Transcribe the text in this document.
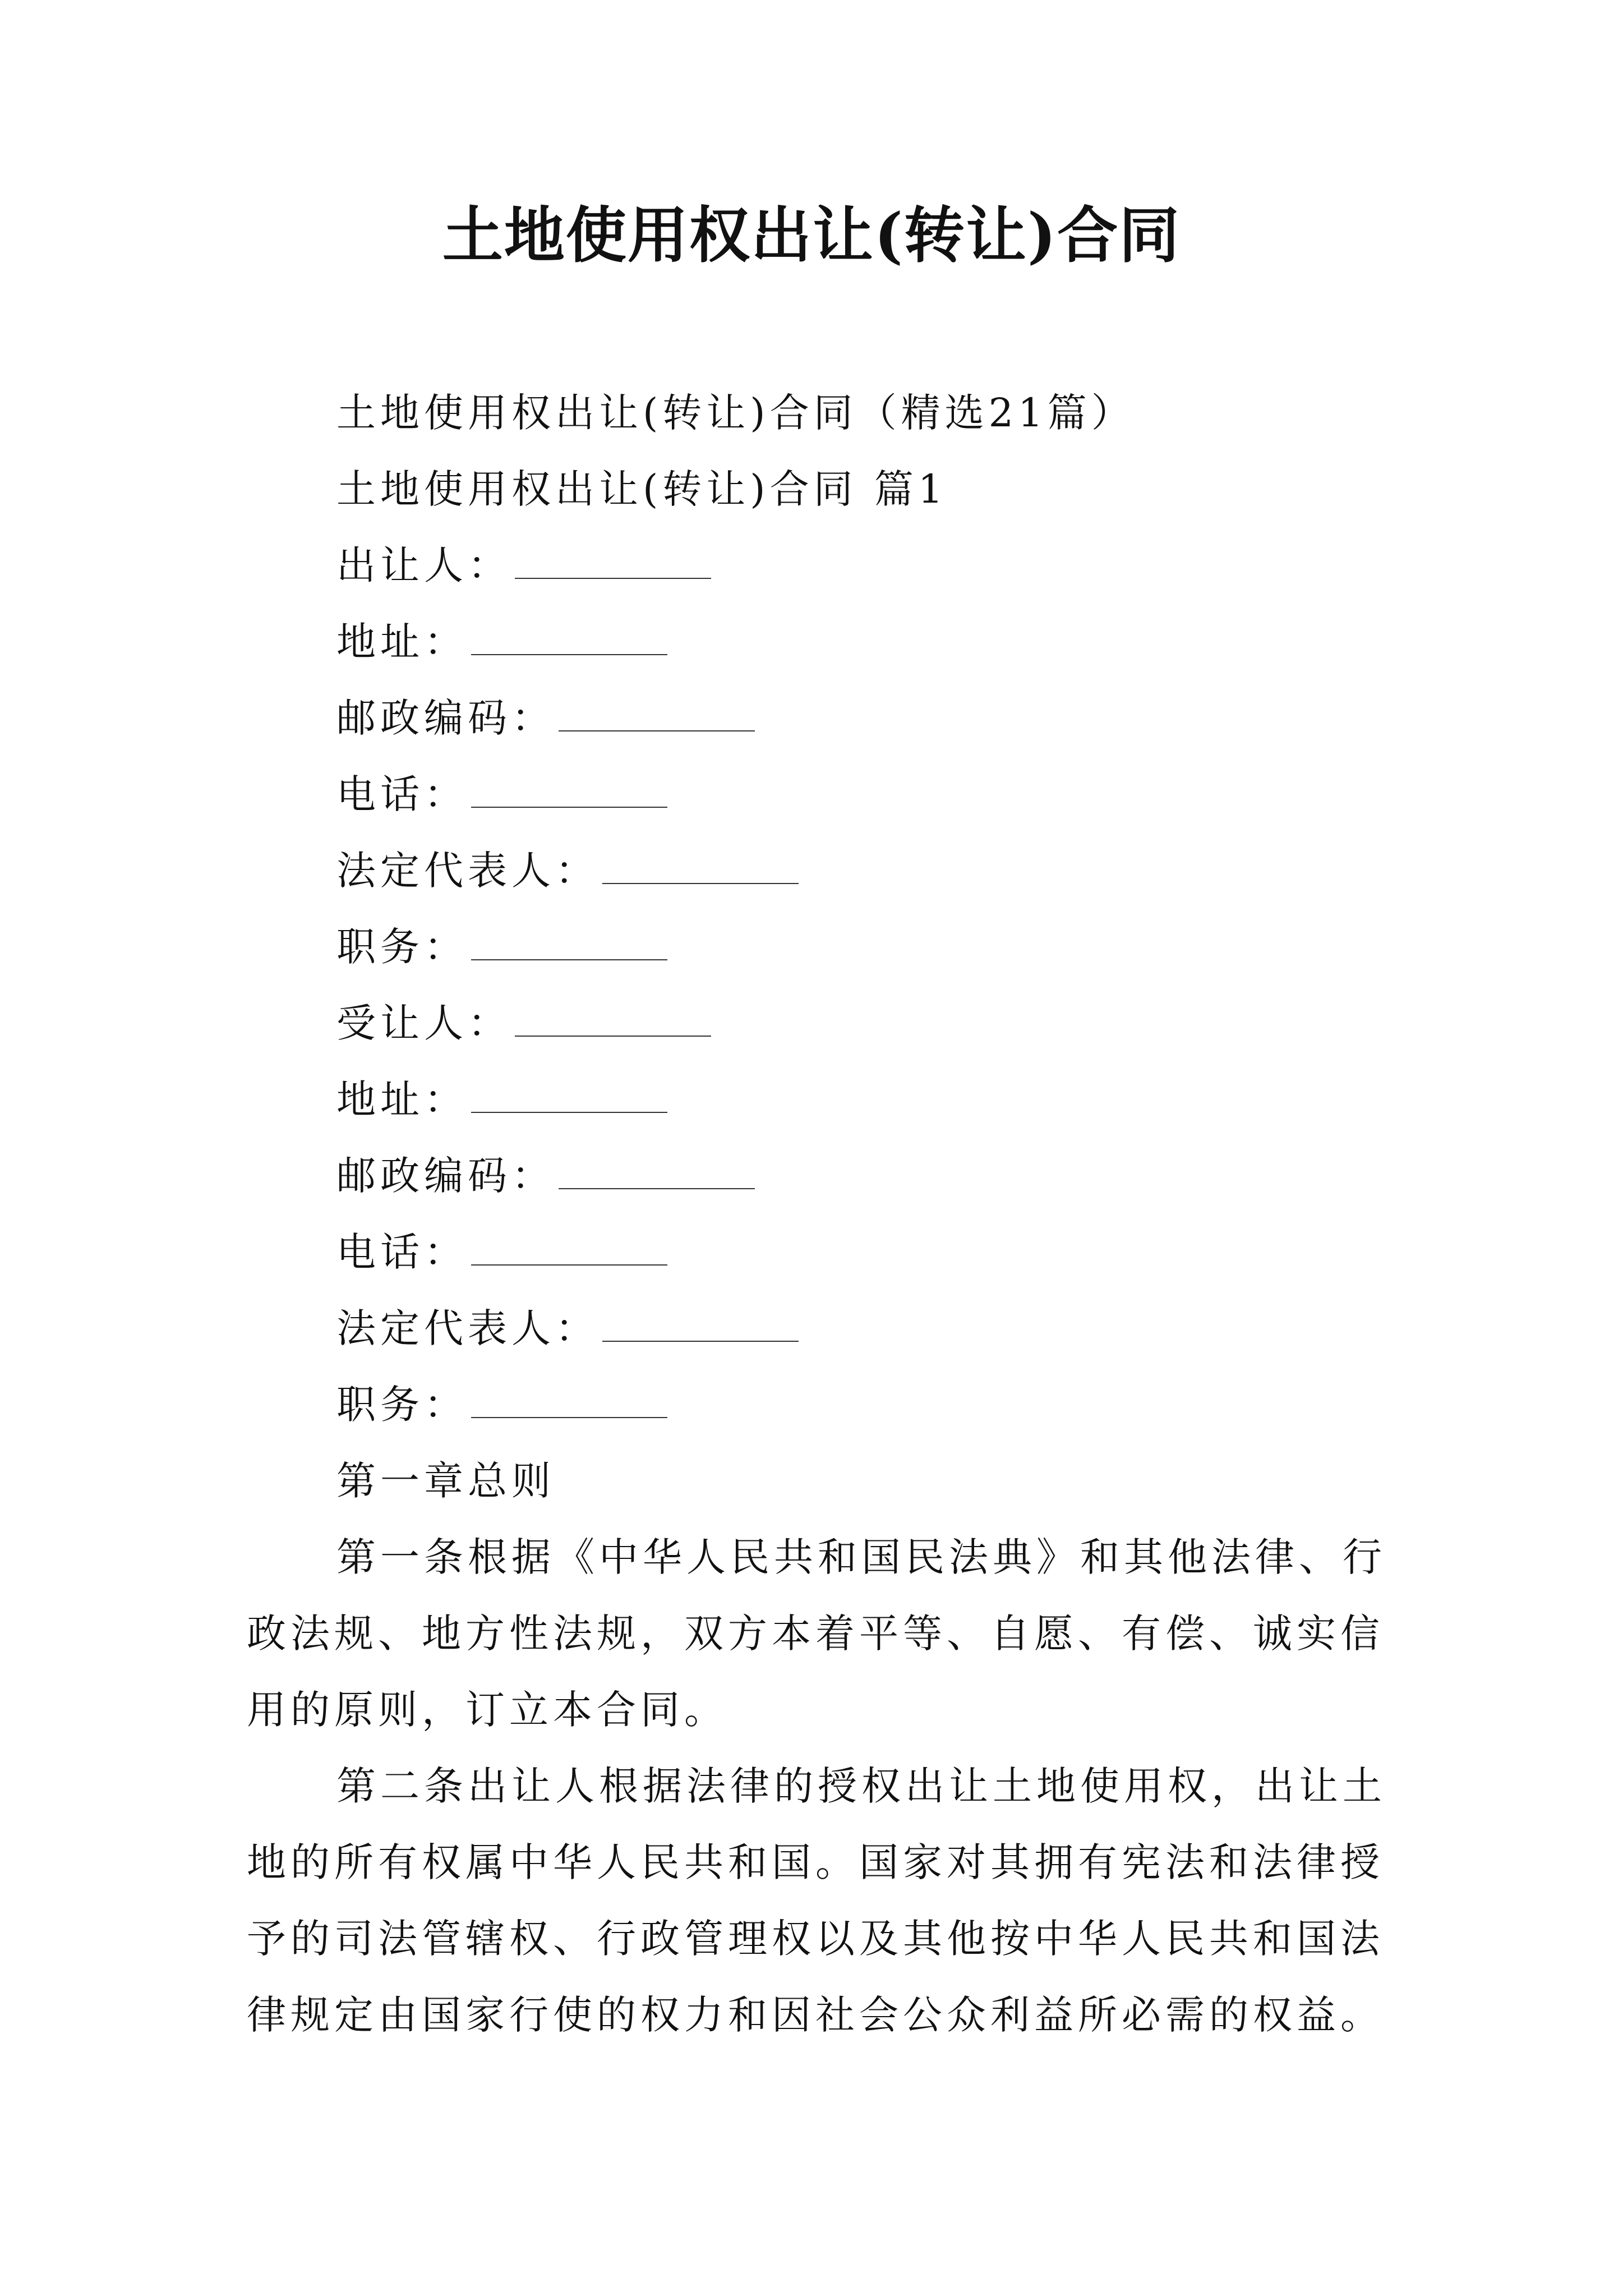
土地使用权出让(转让)合同
土地使用权出让(转让)合同（精选21篇）
土地使用权出让(转让)合同 篇1
出让人：
地址：
邮政编码：
电话：
法定代表人：
职务：
受让人：
地址：
邮政编码：
电话：
法定代表人：
职务：
第一章总则
第一条根据《中华人民共和国民法典》和其他法律、行
政法规、地方性法规，双方本着平等、自愿、有偿、诚实信
用的原则，订立本合同。
第二条出让人根据法律的授权出让土地使用权，出让土
地的所有权属中华人民共和国。国家对其拥有宪法和法律授
予的司法管辖权、行政管理权以及其他按中华人民共和国法
律规定由国家行使的权力和因社会公众利益所必需的权益。
